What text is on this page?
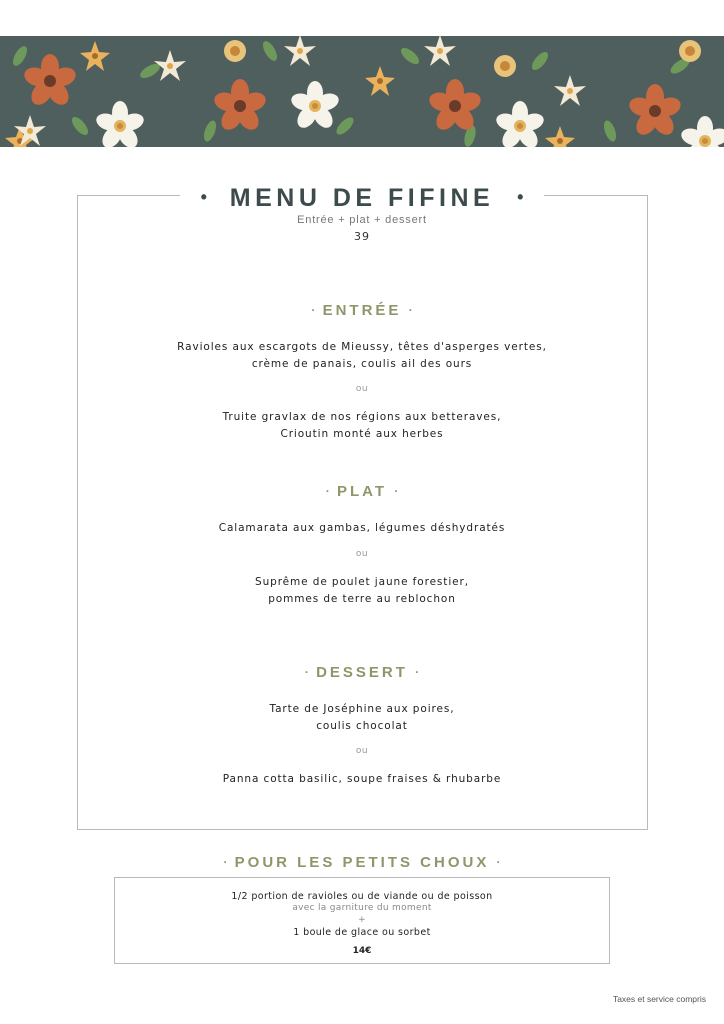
• MENU DE FIFINE •
Entrée + plat + dessert
39
· ENTRÉE ·
Ravioles aux escargots de Mieussy, têtes d'asperges vertes,
crème de panais, coulis ail des ours
ou
Truite gravlax de nos régions aux betteraves,
Crioutin monté aux herbes
· PLAT ·
Calamarata aux gambas, légumes déshydratés
ou
Suprême de poulet jaune forestier,
pommes de terre au reblochon
· DESSERT ·
Tarte de Joséphine aux poires,
coulis chocolat
ou
Panna cotta basilic, soupe fraises & rhubarbe
· POUR LES PETITS CHOUX ·
1/2 portion de ravioles ou de viande ou de poisson
avec la garniture du moment
+
1 boule de glace ou sorbet
14€
Taxes et service compris
